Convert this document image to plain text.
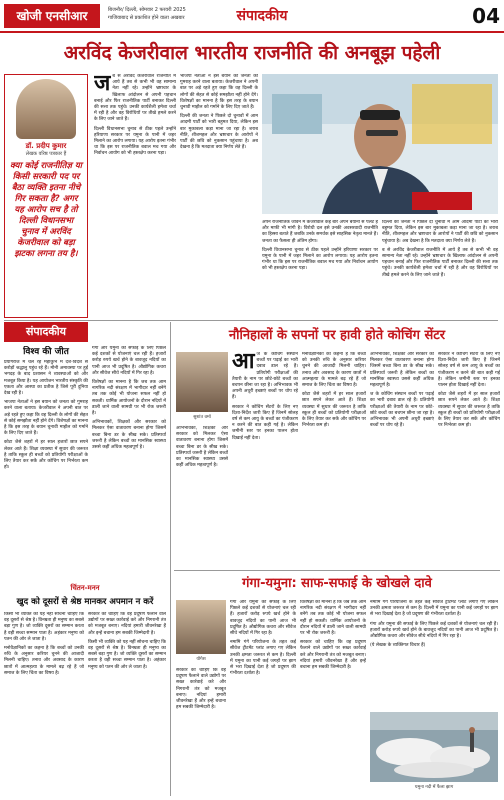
खोजी एनसीआर	बिजनौर/ दिल्ली, सोमवार 2 फरवरी 2025
गाजियाबाद से प्रकाशित होने वाला अखबार	संपादकीय	04
अरविंद केजरीवाल भारतीय राजनीति की अनबूझ पहेली
डॉ. प्रदीप कुमार
लेखक वरिष्ठ पत्रकार हैं
क्या कोई राजनीतिज्ञ या किसी सरकारी पद पर बैठा व्यक्ति इतना नीचे गिर सकता है? अगर यह आरोप सच है तो दिल्ली विधानसभा चुनाव में अरविंद केजरीवाल को बड़ा झटका लगना तय है।
ज ब से अरविंद केजरीवाल राजनीति में आये हैं तब से कभी भी वह सामान्य नेता नहीं रहे। उन्होंने भ्रष्टाचार के खिलाफ आंदोलन से अपनी पहचान बनाई और फिर राजनीतिक पार्टी बनाकर दिल्ली की सत्ता तक पहुंचे। उनकी कार्यशैली हमेशा चर्चा में रही है और वह विरोधियों पर तीखे हमले करने के लिए जाने जाते हैं।

दिल्ली विधानसभा चुनाव से ठीक पहले उन्होंने हरियाणा सरकार पर यमुना के पानी में जहर मिलाने का आरोप लगाया। यह आरोप इतना गंभीर था कि इस पर राजनीतिक बवाल मच गया और निर्वाचन आयोग को भी हस्तक्षेप करना पड़ा।

भाजपा नेताओं ने इस बयान को जनता को गुमराह करने वाला बताया। केजरीवाल ने अपनी बात पर अड़े रहते हुए कहा कि वह दिल्ली के लोगों की सेहत से कोई समझौता नहीं होने देंगे। विशेषज्ञों का मानना है कि इस तरह के बयान चुनावी माहौल को गर्माने के लिए दिए जाते हैं।

दिल्ली की जनता ने पिछले दो चुनावों में आम आदमी पार्टी को भारी बहुमत दिया, लेकिन इस बार मुकाबला कड़ा माना जा रहा है। शराब नीति, शीशमहल और भ्रष्टाचार के आरोपों ने पार्टी की छवि को नुकसान पहुंचाया है। अब देखना है कि मतदाता क्या निर्णय लेते हैं।

अपने राजनीतिक जीवन में केजरीवाल कई बार अपने बयानों से पलटे हैं और माफी भी मांगी है। विरोधी दल इसे उनकी अवसरवादी राजनीति का हिस्सा बताते हैं जबकि उनके समर्थक इसे साहसिक नेतृत्व मानते हैं। जनता का फैसला ही अंतिम होगा।

दिल्ली विधानसभा चुनाव से ठीक पहले उन्होंने हरियाणा सरकार पर यमुना के पानी में जहर मिलाने का आरोप लगाया। यह आरोप इतना गंभीर था कि इस पर राजनीतिक बवाल मच गया और निर्वाचन आयोग को भी हस्तक्षेप करना पड़ा।

दिल्ली की जनता ने पिछले दो चुनावों में आम आदमी पार्टी को भारी बहुमत दिया, लेकिन इस बार मुकाबला कड़ा माना जा रहा है। शराब नीति, शीशमहल और भ्रष्टाचार के आरोपों ने पार्टी की छवि को नुकसान पहुंचाया है। अब देखना है कि मतदाता क्या निर्णय लेते हैं।

ब से अरविंद केजरीवाल राजनीति में आये हैं तब से कभी भी वह सामान्य नेता नहीं रहे। उन्होंने भ्रष्टाचार के खिलाफ आंदोलन से अपनी पहचान बनाई और फिर राजनीतिक पार्टी बनाकर दिल्ली की सत्ता तक पहुंचे। उनकी कार्यशैली हमेशा चर्चा में रही है और वह विरोधियों पर तीखे हमले करने के लिए जाने जाते हैं।

संपादकीय
विश्व की जीत

प्रयागराज में चल रहे महाकुंभ में देश-विदेश से करोड़ों श्रद्धालु पहुंच रहे हैं। मौनी अमावस्या पर हुई भगदड़ के बाद प्रशासन ने व्यवस्थाओं को और मजबूत किया है। यह आयोजन भारतीय संस्कृति की एकता और आस्था का प्रतीक है जिसे पूरी दुनिया देख रही है।

भाजपा नेताओं ने इस बयान को जनता को गुमराह करने वाला बताया। केजरीवाल ने अपनी बात पर अड़े रहते हुए कहा कि वह दिल्ली के लोगों की सेहत से कोई समझौता नहीं होने देंगे। विशेषज्ञों का मानना है कि इस तरह के बयान चुनावी माहौल को गर्माने के लिए दिए जाते हैं।

कोटा जैसे शहरों में हर साल हजारों छात्र सपने लेकर आते हैं। शिक्षा व्यवस्था में सुधार की जरूरत है ताकि स्कूल ही बच्चों को प्रतियोगी परीक्षाओं के लिए तैयार कर सकें और कोचिंग पर निर्भरता कम हो।

गंगा और यमुना की सफाई के लिए पिछले कई दशकों से योजनाएं चल रही हैं। हजारों करोड़ रुपये खर्च होने के बावजूद नदियों का पानी आज भी प्रदूषित है। औद्योगिक कचरा और सीवेज सीधे नदियों में गिर रहा है।

विशेषज्ञों का मानना है कि जब तक आम नागरिक नदी संरक्षण में भागीदार नहीं बनेंगे तब तक कोई भी योजना सफल नहीं हो सकती। धार्मिक आयोजनों के दौरान नदियों में डाली जाने वाली सामग्री पर भी रोक जरूरी है।

अभिभावकों, शिक्षकों और सरकार को मिलकर ऐसा वातावरण बनाना होगा जिसमें बच्चा बिना डर के सीख सके। प्रतिस्पर्धा जरूरी है लेकिन बच्चों का मानसिक स्वास्थ्य उससे कहीं अधिक महत्वपूर्ण है।

चिंतन-मनन
खुद को दूसरों से श्रेष्ठ मानकर अपमान न करें

किसी भी व्यक्ति को यह नहीं सोचना चाहिए कि वह दूसरों से श्रेष्ठ है। विनम्रता ही मनुष्य का सबसे बड़ा गुण है। जो व्यक्ति दूसरों का सम्मान करता है वही सच्चा सम्मान पाता है। अहंकार मनुष्य को पतन की ओर ले जाता है।

मनोवैज्ञानिकों का कहना है कि बच्चों को उनकी रुचि के अनुसार करियर चुनने की आजादी मिलनी चाहिए। तनाव और अवसाद के कारण छात्रों में आत्महत्या के मामले बढ़ रहे हैं जो समाज के लिए चिंता का विषय है।

सरकार को चाहिए कि वह प्रदूषण फैलाने वाले उद्योगों पर सख्त कार्रवाई करे और निगरानी तंत्र को मजबूत बनाए। नदियां हमारी जीवनरेखा हैं और इन्हें बचाना हम सबकी जिम्मेदारी है।

किसी भी व्यक्ति को यह नहीं सोचना चाहिए कि वह दूसरों से श्रेष्ठ है। विनम्रता ही मनुष्य का सबसे बड़ा गुण है। जो व्यक्ति दूसरों का सम्मान करता है वही सच्चा सम्मान पाता है। अहंकार मनुष्य को पतन की ओर ले जाता है।

नौनिहालों के सपनों पर हावी होते कोचिंग सेंटर
सुशांत वर्मा
आ ज के कोचिंग संस्थान बच्चों पर पढ़ाई का भारी दबाव डाल रहे हैं। प्रतियोगी परीक्षाओं की तैयारी के नाम पर छोटे-छोटे बच्चों का बचपन छीना जा रहा है। अभिभावक भी अपनी अधूरी इच्छाएं बच्चों पर थोप रहे हैं।

सरकार ने कोचिंग सेंटरों के लिए नए दिशा-निर्देश जारी किए हैं जिनमें सोलह वर्ष से कम आयु के बच्चों का पंजीकरण न करने की बात कही गई है। लेकिन जमीनी स्तर पर इनका पालन होता दिखाई नहीं देता।

अभिभावकों, शिक्षकों और सरकार को मिलकर ऐसा वातावरण बनाना होगा जिसमें बच्चा बिना डर के सीख सके। प्रतिस्पर्धा जरूरी है लेकिन बच्चों का मानसिक स्वास्थ्य उससे कहीं अधिक महत्वपूर्ण है।

मनोवैज्ञानिकों का कहना है कि बच्चों को उनकी रुचि के अनुसार करियर चुनने की आजादी मिलनी चाहिए। तनाव और अवसाद के कारण छात्रों में आत्महत्या के मामले बढ़ रहे हैं जो समाज के लिए चिंता का विषय है।

कोटा जैसे शहरों में हर साल हजारों छात्र सपने लेकर आते हैं। शिक्षा व्यवस्था में सुधार की जरूरत है ताकि स्कूल ही बच्चों को प्रतियोगी परीक्षाओं के लिए तैयार कर सकें और कोचिंग पर निर्भरता कम हो।

अभिभावकों, शिक्षकों और सरकार को मिलकर ऐसा वातावरण बनाना होगा जिसमें बच्चा बिना डर के सीख सके। प्रतिस्पर्धा जरूरी है लेकिन बच्चों का मानसिक स्वास्थ्य उससे कहीं अधिक महत्वपूर्ण है।

ज के कोचिंग संस्थान बच्चों पर पढ़ाई का भारी दबाव डाल रहे हैं। प्रतियोगी परीक्षाओं की तैयारी के नाम पर छोटे-छोटे बच्चों का बचपन छीना जा रहा है। अभिभावक भी अपनी अधूरी इच्छाएं बच्चों पर थोप रहे हैं।

सरकार ने कोचिंग सेंटरों के लिए नए दिशा-निर्देश जारी किए हैं जिनमें सोलह वर्ष से कम आयु के बच्चों का पंजीकरण न करने की बात कही गई है। लेकिन जमीनी स्तर पर इनका पालन होता दिखाई नहीं देता।

कोटा जैसे शहरों में हर साल हजारों छात्र सपने लेकर आते हैं। शिक्षा व्यवस्था में सुधार की जरूरत है ताकि स्कूल ही बच्चों को प्रतियोगी परीक्षाओं के लिए तैयार कर सकें और कोचिंग पर निर्भरता कम हो।

गंगा-यमुना: साफ-सफाई के खोखले दावे
योगेश

सरकार को चाहिए कि वह प्रदूषण फैलाने वाले उद्योगों पर सख्त कार्रवाई करे और निगरानी तंत्र को मजबूत बनाए। नदियां हमारी जीवनरेखा हैं और इन्हें बचाना हम सबकी जिम्मेदारी है।

गंगा और यमुना की सफाई के लिए पिछले कई दशकों से योजनाएं चल रही हैं। हजारों करोड़ रुपये खर्च होने के बावजूद नदियों का पानी आज भी प्रदूषित है। औद्योगिक कचरा और सीवेज सीधे नदियों में गिर रहा है।

नमामि गंगे परियोजना के तहत कई सीवेज ट्रीटमेंट प्लांट लगाए गए लेकिन उनकी क्षमता जरूरत से कम है। दिल्ली में यमुना का पानी कई जगहों पर झाग से भरा दिखाई देता है जो प्रदूषण की गंभीरता दर्शाता है।

विशेषज्ञों का मानना है कि जब तक आम नागरिक नदी संरक्षण में भागीदार नहीं बनेंगे तब तक कोई भी योजना सफल नहीं हो सकती। धार्मिक आयोजनों के दौरान नदियों में डाली जाने वाली सामग्री पर भी रोक जरूरी है।

सरकार को चाहिए कि वह प्रदूषण फैलाने वाले उद्योगों पर सख्त कार्रवाई करे और निगरानी तंत्र को मजबूत बनाए। नदियां हमारी जीवनरेखा हैं और इन्हें बचाना हम सबकी जिम्मेदारी है।

नमामि गंगे परियोजना के तहत कई सीवेज ट्रीटमेंट प्लांट लगाए गए लेकिन उनकी क्षमता जरूरत से कम है। दिल्ली में यमुना का पानी कई जगहों पर झाग से भरा दिखाई देता है जो प्रदूषण की गंभीरता दर्शाता है।

गंगा और यमुना की सफाई के लिए पिछले कई दशकों से योजनाएं चल रही हैं। हजारों करोड़ रुपये खर्च होने के बावजूद नदियों का पानी आज भी प्रदूषित है। औद्योगिक कचरा और सीवेज सीधे नदियों में गिर रहा है।

(ये लेखक के व्यक्तिगत विचार हैं)

यमुना नदी में फैला झाग
